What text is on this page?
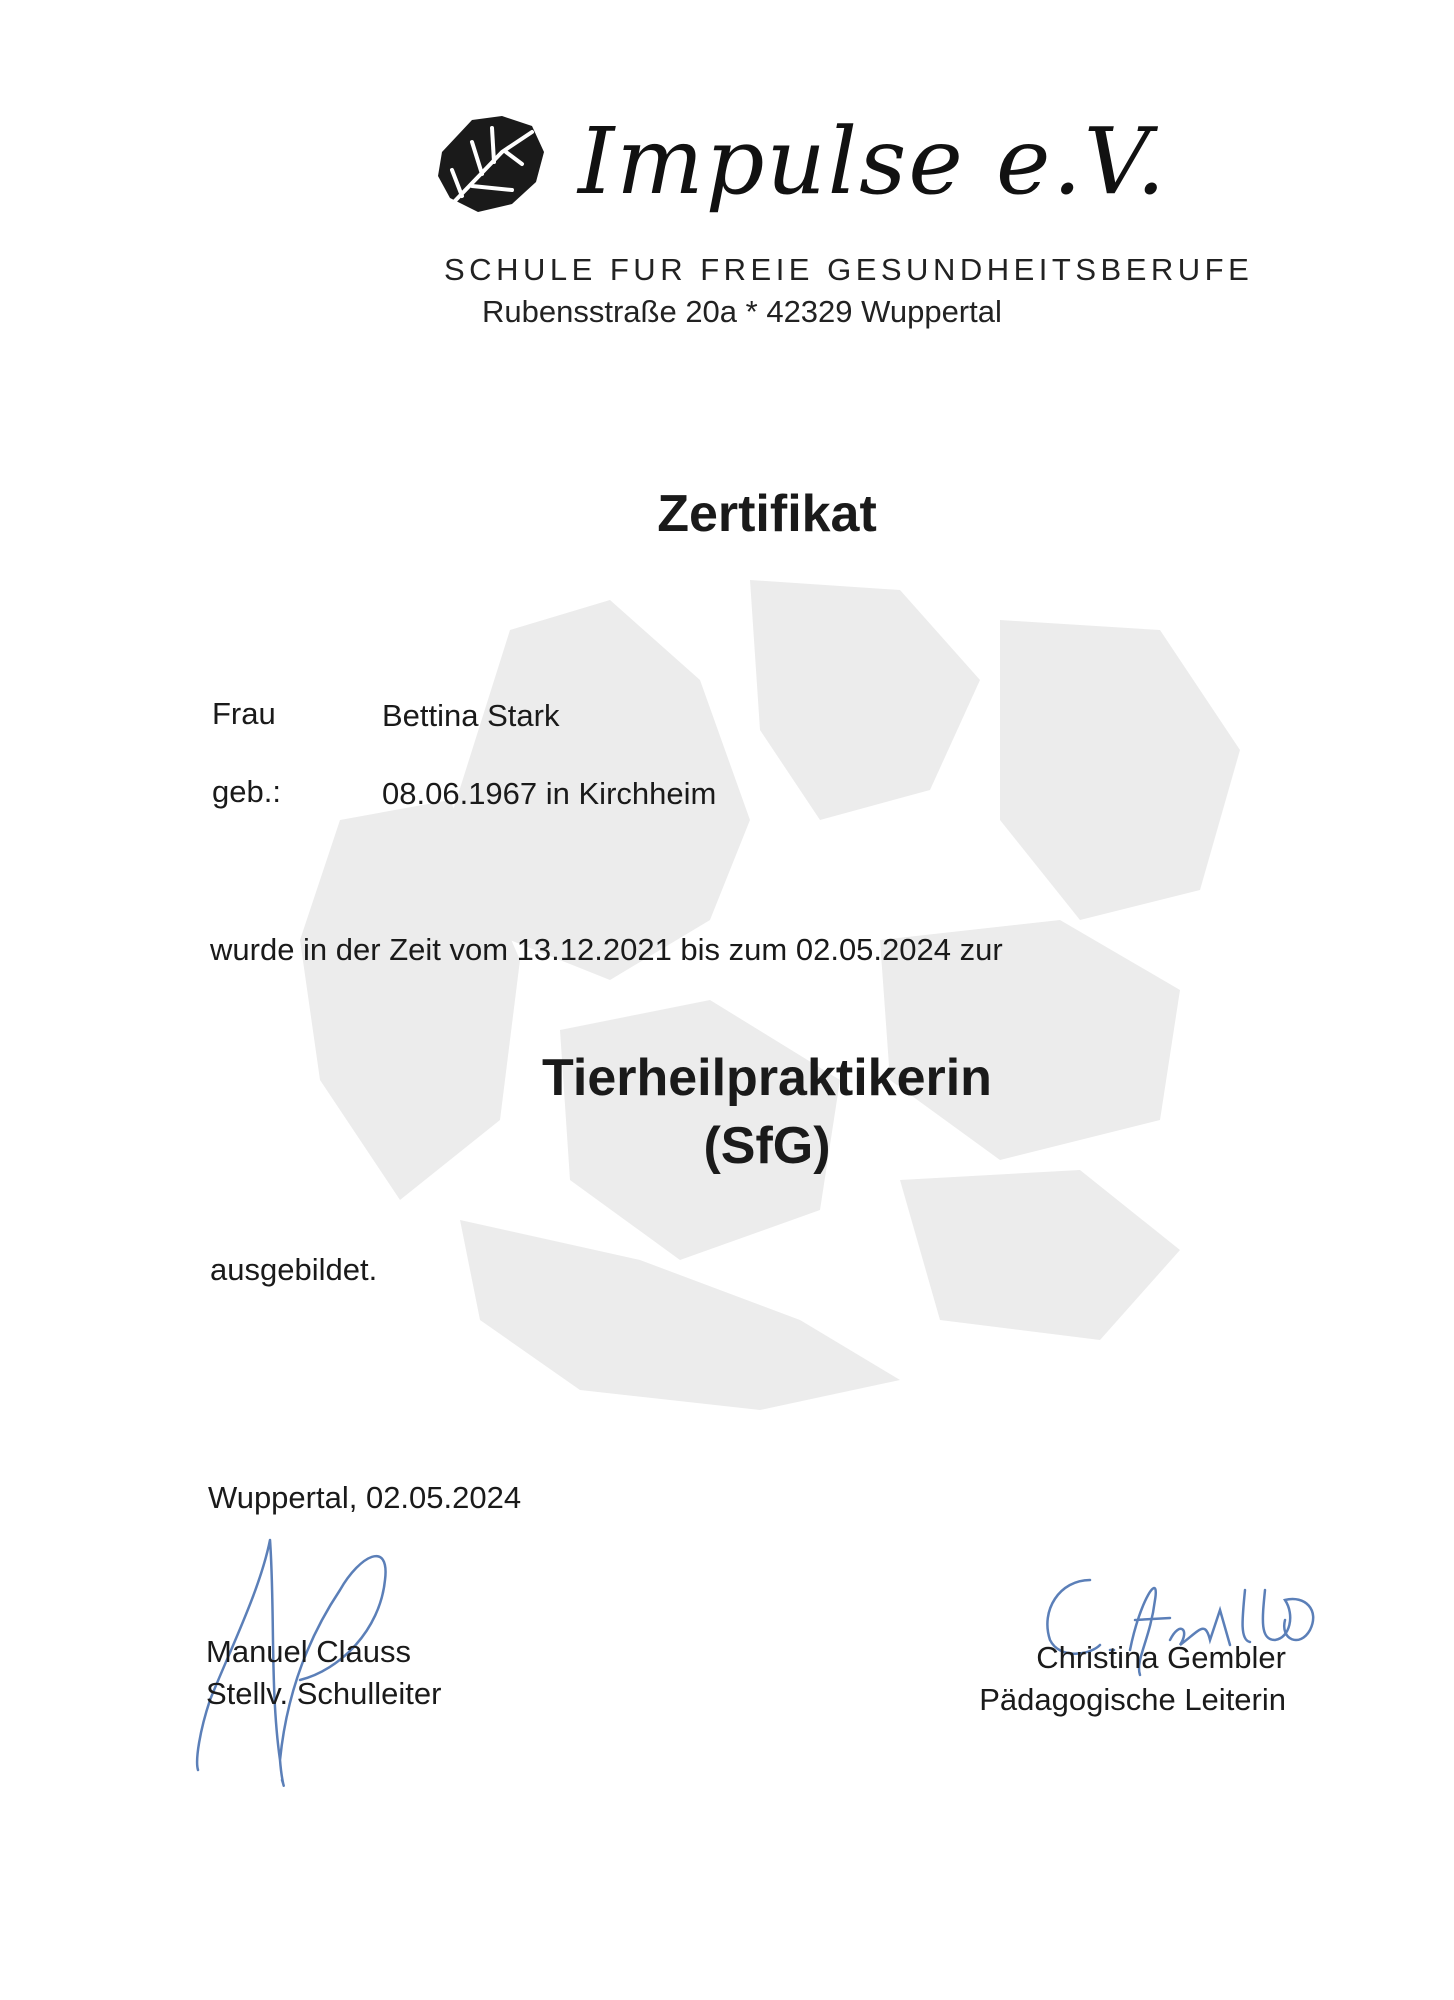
Impulse e.V.
SCHULE FUR FREIE GESUNDHEITSBERUFE
Rubensstraße 20a * 42329 Wuppertal
Zertifikat
Frau	Bettina Stark
geb.:	08.06.1967 in Kirchheim
wurde in der Zeit vom 13.12.2021 bis zum 02.05.2024 zur
Tierheilpraktikerin
(SfG)
ausgebildet.
Wuppertal, 02.05.2024
Manuel Clauss
Stellv. Schulleiter
Christina Gembler
Pädagogische Leiterin
